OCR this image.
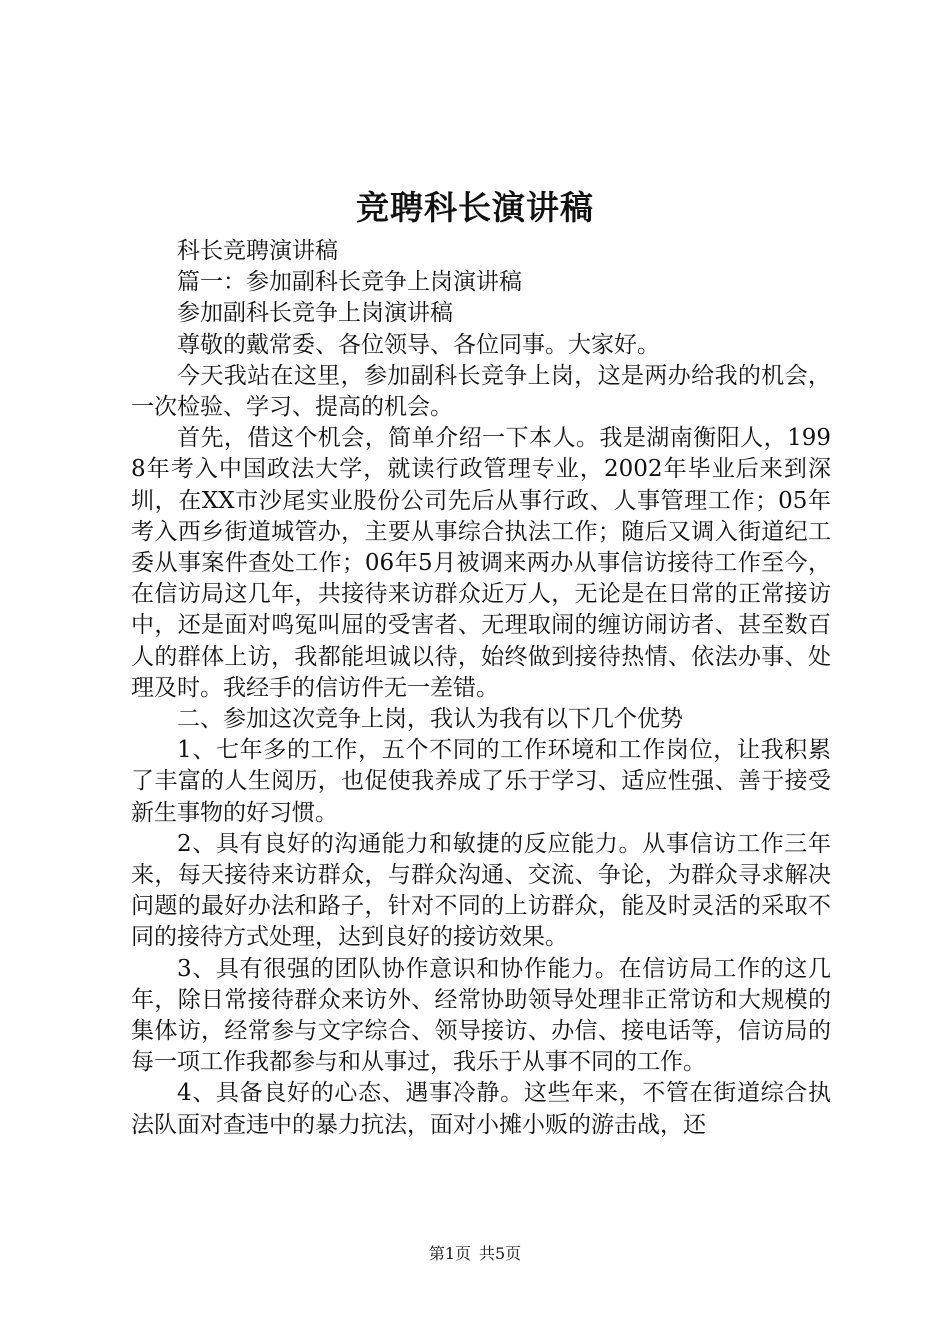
竞聘科长演讲稿

科长竞聘演讲稿

篇一：参加副科长竞争上岗演讲稿

参加副科长竞争上岗演讲稿

尊敬的戴常委、各位领导、各位同事。大家好。

今天我站在这里，参加副科长竞争上岗，这是两办给我的机会，一次检验、学习、提高的机会。

首先，借这个机会，简单介绍一下本人。我是湖南衡阳人，1998年考入中国政法大学，就读行政管理专业，2002年毕业后来到深圳，在XX市沙尾实业股份公司先后从事行政、人事管理工作；05年考入西乡街道城管办，主要从事综合执法工作；随后又调入街道纪工委从事案件查处工作；06年5月被调来两办从事信访接待工作至今，在信访局这几年，共接待来访群众近万人，无论是在日常的正常接访中，还是面对鸣冤叫屈的受害者、无理取闹的缠访闹访者、甚至数百人的群体上访，我都能坦诚以待，始终做到接待热情、依法办事、处理及时。我经手的信访件无一差错。

二、参加这次竞争上岗，我认为我有以下几个优势

1、七年多的工作，五个不同的工作环境和工作岗位，让我积累了丰富的人生阅历，也促使我养成了乐于学习、适应性强、善于接受新生事物的好习惯。

2、具有良好的沟通能力和敏捷的反应能力。从事信访工作三年来，每天接待来访群众，与群众沟通、交流、争论，为群众寻求解决问题的最好办法和路子，针对不同的上访群众，能及时灵活的采取不同的接待方式处理，达到良好的接访效果。

3、具有很强的团队协作意识和协作能力。在信访局工作的这几年，除日常接待群众来访外、经常协助领导处理非正常访和大规模的集体访，经常参与文字综合、领导接访、办信、接电话等，信访局的每一项工作我都参与和从事过，我乐于从事不同的工作。

4、具备良好的心态、遇事冷静。这些年来，不管在街道综合执法队面对查违中的暴力抗法，面对小摊小贩的游击战，还

第1页 共5页
